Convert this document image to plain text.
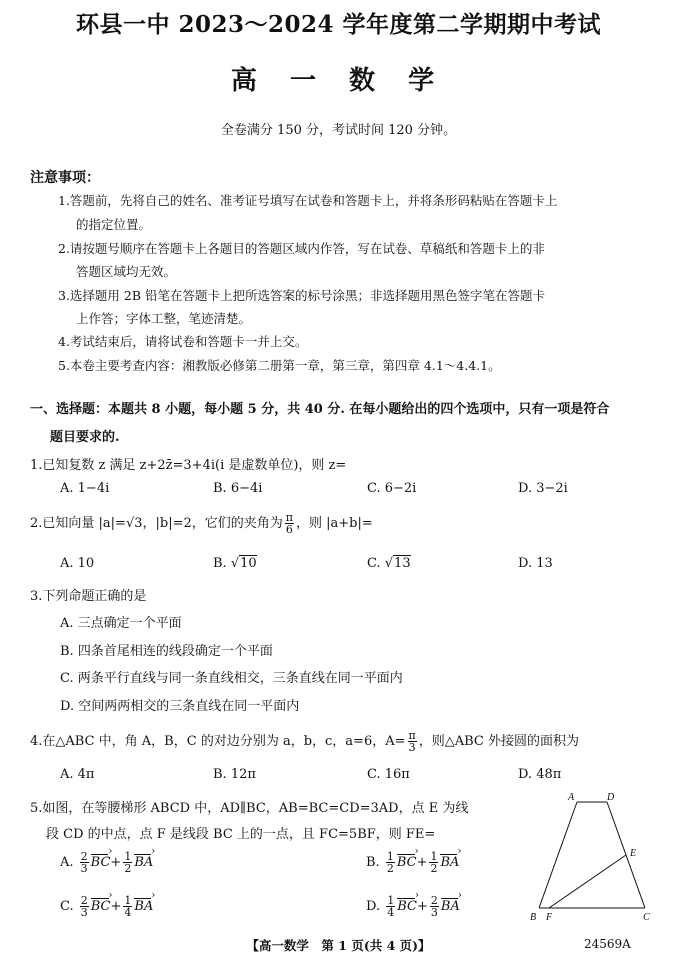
环县一中 2023～2024 学年度第二学期期中考试
高 一 数 学
全卷满分 150 分，考试时间 120 分钟。
注意事项：
1.答题前，先将自己的姓名、准考证号填写在试卷和答题卡上，并将条形码粘贴在答题卡上
的指定位置。
2.请按题号顺序在答题卡上各题目的答题区域内作答，写在试卷、草稿纸和答题卡上的非
答题区域均无效。
3.选择题用 2B 铅笔在答题卡上把所选答案的标号涂黑；非选择题用黑色签字笔在答题卡
上作答；字体工整，笔迹清楚。
4.考试结束后，请将试卷和答题卡一并上交。
5.本卷主要考查内容：湘教版必修第二册第一章，第三章，第四章 4.1～4.4.1。
一、选择题：本题共 8 小题，每小题 5 分，共 40 分. 在每小题给出的四个选项中，只有一项是符合
题目要求的.
1.已知复数 z 满足 z+2z̄=3+4i(i 是虚数单位)，则 z=
A. 1−4i	B. 6−4i	C. 6−2i	D. 3−2i
2.已知向量 |a|=√3，|b|=2，它们的夹角为 $\frac{\pi}{6}$ ，则 |a+b|=
A. 10	B. √10	C. √13	D. 13
3.下列命题正确的是
A. 三点确定一个平面
B. 四条首尾相连的线段确定一个平面
C. 两条平行直线与同一条直线相交，三条直线在同一平面内
D. 空间两两相交的三条直线在同一平面内
4.在△ABC 中，角 A，B，C 的对边分别为 a，b，c，a=6，$A= \frac{\pi}{3}$ ，则△ABC 外接圆的面积为
A. 4π	B. 12π	C. 16π	D. 48π
5.如图，在等腰梯形 ABCD 中，AD∥BC，AB=BC=CD=3AD，点 E 为线
段 CD 的中点，点 F 是线段 BC 上的一点，且 FC=5BF，则 FE=
A. $\frac{2}{3}$ BC ›+ $\frac{1}{2}$ BA ›	B. $\frac{1}{2}$ BC ›+ $\frac{1}{2}$ BA ›
C. $\frac{2}{3}$ BC ›+ $\frac{1}{4}$ BA ›	D. $\frac{1}{4}$ BC ›+ $\frac{2}{3}$ BA ›
A	D
E
B F	C
【高一数学　第 1 页(共 4 页)】	24569A
